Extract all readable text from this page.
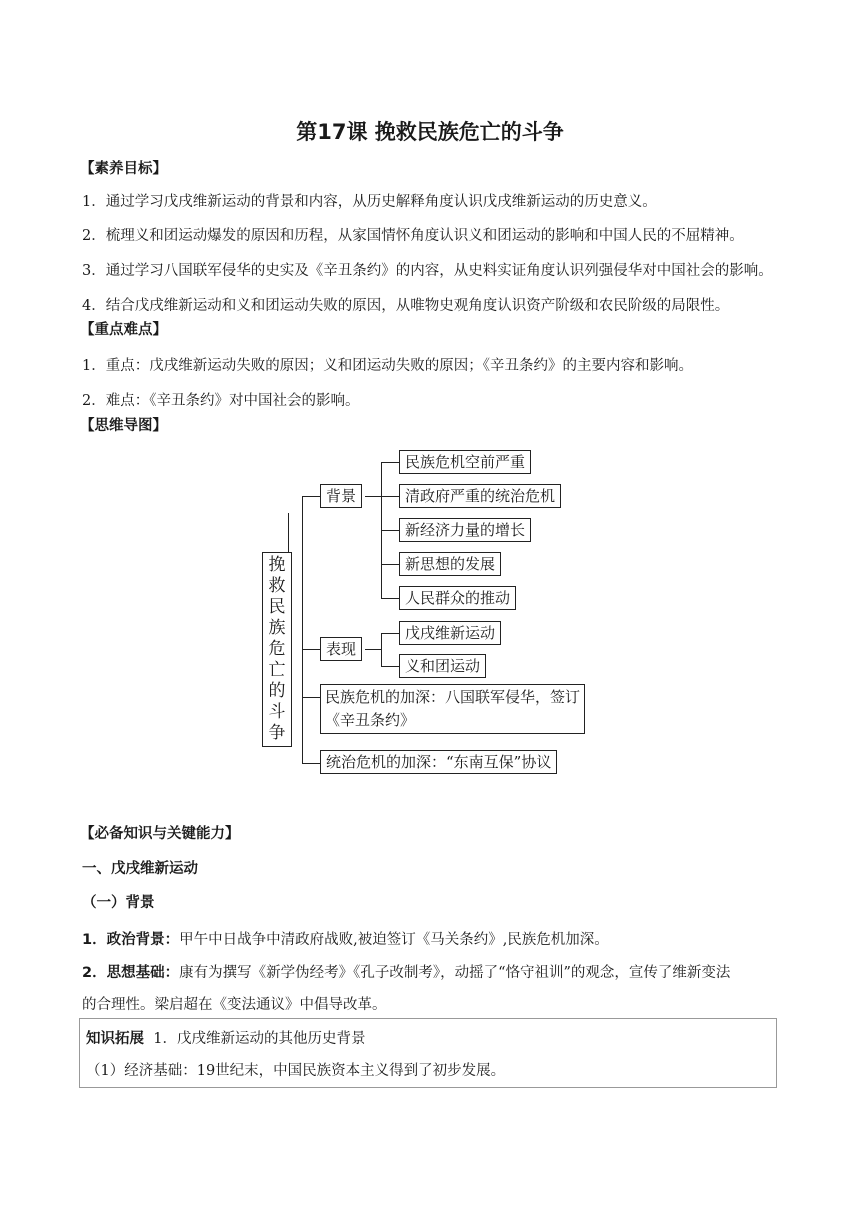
第17课 挽救民族危亡的斗争
【素养目标】
1．通过学习戊戌维新运动的背景和内容，从历史解释角度认识戊戌维新运动的历史意义。
2．梳理义和团运动爆发的原因和历程，从家国情怀角度认识义和团运动的影响和中国人民的不屈精神。
3．通过学习八国联军侵华的史实及《辛丑条约》的内容，从史料实证角度认识列强侵华对中国社会的影响。
4．结合戊戌维新运动和义和团运动失败的原因，从唯物史观角度认识资产阶级和农民阶级的局限性。
【重点难点】
1．重点：戊戌维新运动失败的原因；义和团运动失败的原因；《辛丑条约》的主要内容和影响。
2．难点：《辛丑条约》对中国社会的影响。
【思维导图】
挽救民族危亡的斗争
背景
表现
民族危机空前严重
清政府严重的统治危机
新经济力量的增长
新思想的发展
人民群众的推动
戊戌维新运动
义和团运动
民族危机的加深：八国联军侵华，签订
《辛丑条约》
统治危机的加深：“东南互保”协议
【必备知识与关键能力】
一、戊戌维新运动
（一）背景
1．政治背景：甲午中日战争中清政府战败,被迫签订《马关条约》,民族危机加深。
2．思想基础：康有为撰写《新学伪经考》《孔子改制考》，动摇了“恪守祖训”的观念，宣传了维新变法
的合理性。梁启超在《变法通议》中倡导改革。
知识拓展 1．戊戌维新运动的其他历史背景
（1）经济基础：19世纪末，中国民族资本主义得到了初步发展。
